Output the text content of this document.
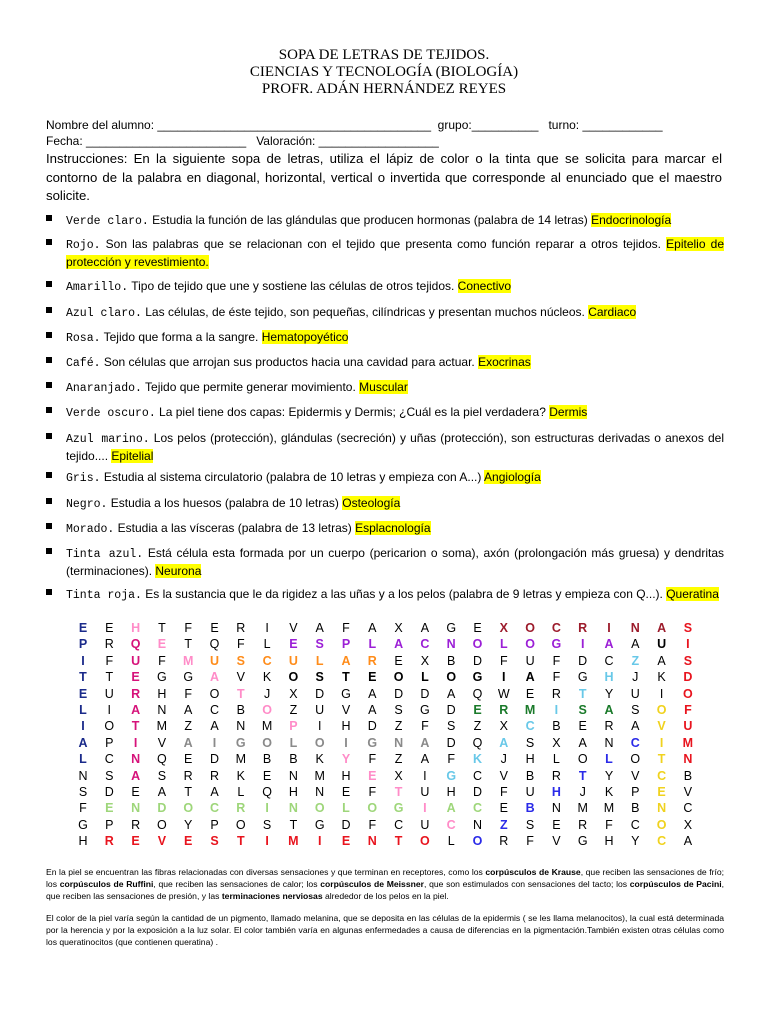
SOPA DE LETRAS DE TEJIDOS.
CIENCIAS Y TECNOLOGÍA (BIOLOGÍA)
PROFR. ADÁN HERNÁNDEZ REYES
Nombre del alumno: _________________________________________  grupo:__________   turno: ____________
Fecha: ________________________   Valoración: __________________
Instrucciones: En la siguiente sopa de letras, utiliza el lápiz de color o la tinta que se solicita para marcar el contorno de la palabra en diagonal, horizontal, vertical o invertida que corresponde al enunciado que el maestro solicite.
Verde claro. Estudia la función de las glándulas que producen hormonas (palabra de 14 letras) Endocrinología
Rojo. Son las palabras que se relacionan con el tejido que presenta como función reparar a otros tejidos. Epitelio de protección y revestimiento.
Amarillo. Tipo de tejido que une y sostiene las células de otros tejidos. Conectivo
Azul claro. Las células, de éste tejido, son pequeñas, cilíndricas y presentan muchos núcleos. Cardiaco
Rosa. Tejido que forma a la sangre. Hematopoyético
Café. Son células que arrojan sus productos hacia una cavidad para actuar. Exocrinas
Anaranjado. Tejido que permite generar movimiento. Muscular
Verde oscuro. La piel tiene dos capas: Epidermis y Dermis; ¿Cuál es la piel verdadera? Dermis
Azul marino. Los pelos (protección), glándulas (secreción) y uñas (protección), son estructuras derivadas o anexos del tejido.... Epitelial
Gris. Estudia al sistema circulatorio (palabra de 10 letras y empieza con A...) Angiología
Negro. Estudia a los huesos (palabra de 10 letras) Osteología
Morado. Estudia a las vísceras (palabra de 13 letras) Esplacnología
Tinta azul. Está célula esta formada por un cuerpo (pericarion o soma), axón (prolongación más gruesa) y dendritas (terminaciones). Neurona
Tinta roja. Es la sustancia que le da rigidez a las uñas y a los pelos (palabra de 9 letras y empieza con Q...). Queratina
E	E	H	T	F	E	R	I	V	A	F	A	X	A	G	E	X	O	C	R	I	N	A	S
P	R	Q	E	T	Q	F	L	E	S	P	L	A	C	N	O	L	O	G	I	A	A	U	I
I	F	U	F	M	U	S	C	U	L	A	R	E	X	B	D	F	U	F	D	C	Z	A	S
T	T	E	G	G	A	V	K	O	S	T	E	O	L	O	G	I	A	F	G	H	J	K	D
E	U	R	H	F	O	T	J	X	D	G	A	D	D	A	Q	W	E	R	T	Y	U	I	O
L	I	A	N	A	C	B	O	Z	U	V	A	S	G	D	E	R	M	I	S	A	S	O	F
I	O	T	M	Z	A	N	M	P	I	H	D	Z	F	S	Z	X	C	B	E	R	A	V	U
A	P	I	V	A	I	G	O	L	O	I	G	N	A	D	Q	A	S	X	A	N	C	I	M
L	C	N	Q	E	D	M	B	B	K	Y	F	Z	A	F	K	J	H	L	O	L	O	T	N
N	S	A	S	R	R	K	E	N	M	H	E	X	I	G	C	V	B	R	T	Y	V	C	B
S	D	E	A	T	A	L	Q	H	N	E	F	T	U	H	D	F	U	H	J	K	P	E	V
F	E	N	D	O	C	R	I	N	O	L	O	G	I	A	C	E	B	N	M	M	B	N	C
G	P	R	O	Y	P	O	S	T	G	D	F	C	U	C	N	Z	S	E	R	F	C	O	X
H	R	E	V	E	S	T	I	M	I	E	N	T	O	L	O	R	F	V	G	H	Y	C	A
En la piel se encuentran las fibras relacionadas con diversas sensaciones y que terminan en receptores, como los corpúsculos de Krause, que reciben las sensaciones de frío; los corpúsculos de Ruffini, que reciben las sensaciones de calor; los corpúsculos de Meissner, que son estimulados con sensaciones del tacto; los corpúsculos de Pacini, que reciben las sensaciones de presión, y las terminaciones nerviosas alrededor de los pelos en la piel.
El color de la piel varía según la cantidad de un pigmento, llamado melanina, que se deposita en las células de la epidermis ( se les llama melanocitos), la cual está determinada por la herencia y por la exposición a la luz solar. El color también varía en algunas enfermedades a causa de diferencias en la pigmentación.También existen otras células como los queratinocitos (que contienen queratina) .
